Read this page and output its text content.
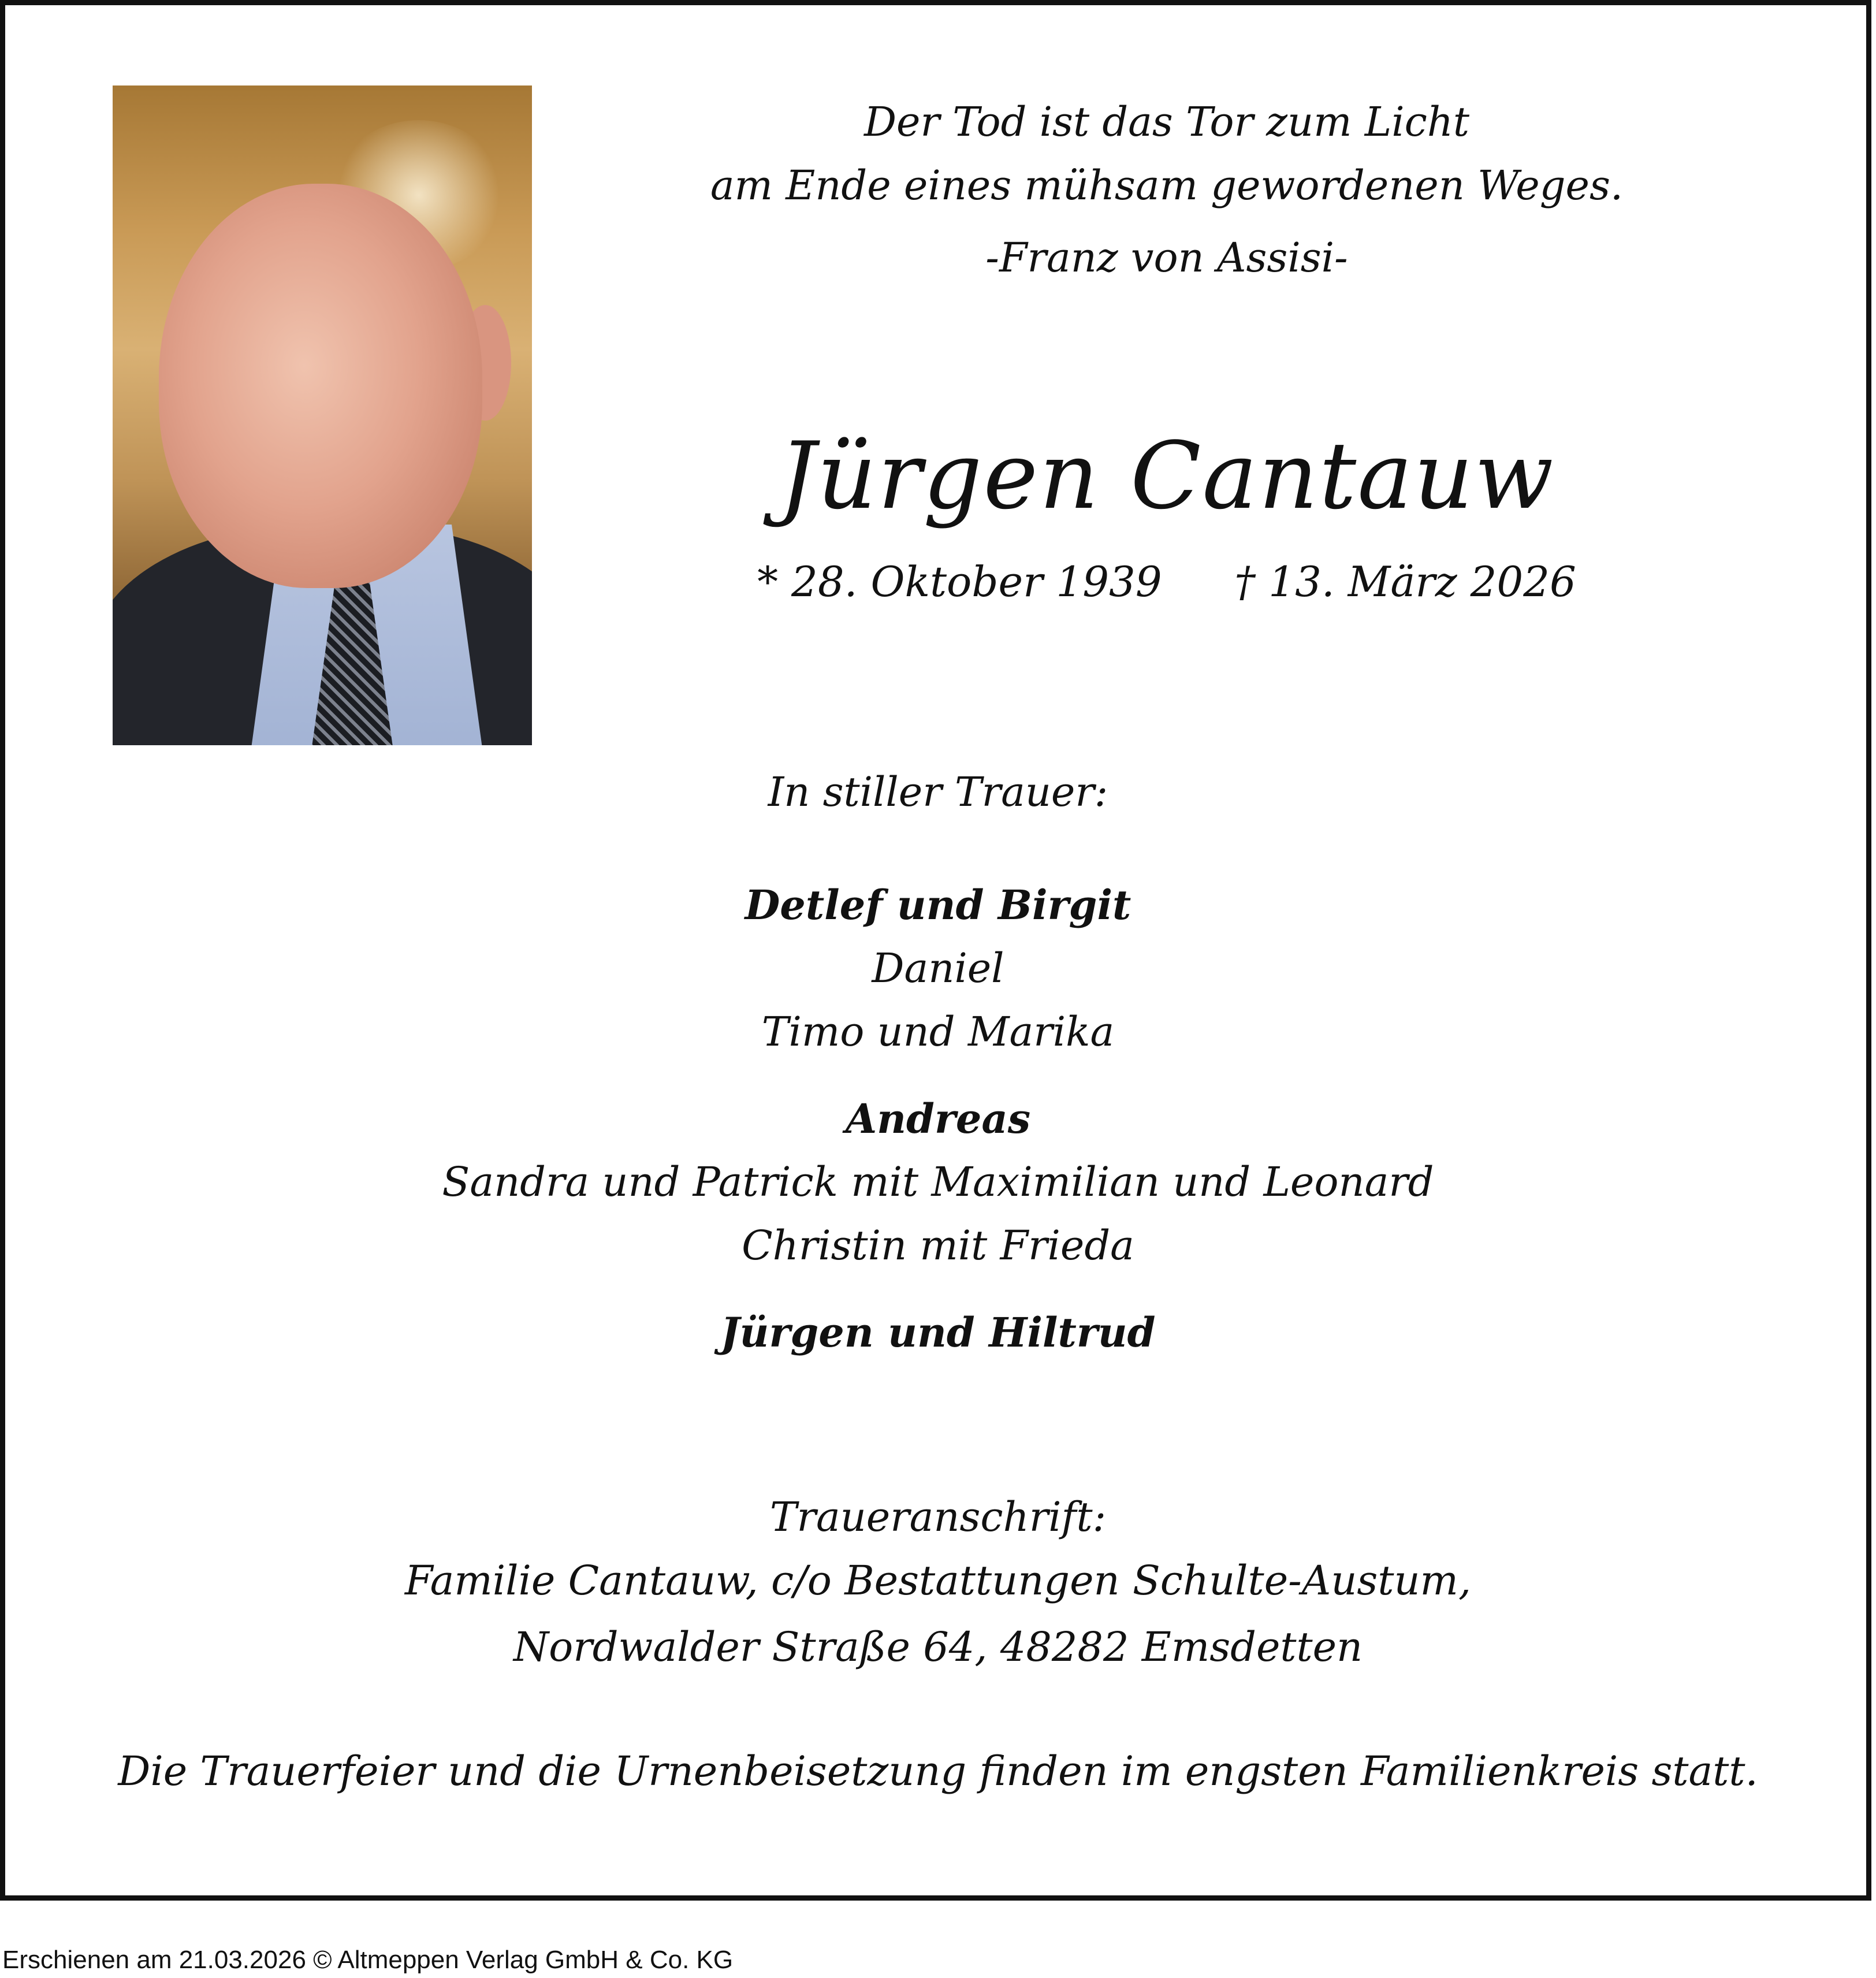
Der Tod ist das Tor zum Licht
am Ende eines mühsam gewordenen Weges.
-Franz von Assisi-
Jürgen Cantauw
* 28. Oktober 1939 † 13. März 2026
In stiller Trauer:
Detlef und Birgit
Daniel
Timo und Marika
Andreas
Sandra und Patrick mit Maximilian und Leonard
Christin mit Frieda
Jürgen und Hiltrud
Traueranschrift:
Familie Cantauw, c/o Bestattungen Schulte-Austum,
Nordwalder Straße 64, 48282 Emsdetten
Die Trauerfeier und die Urnenbeisetzung finden im engsten Familienkreis statt.
Erschienen am 21.03.2026 © Altmeppen Verlag GmbH & Co. KG
